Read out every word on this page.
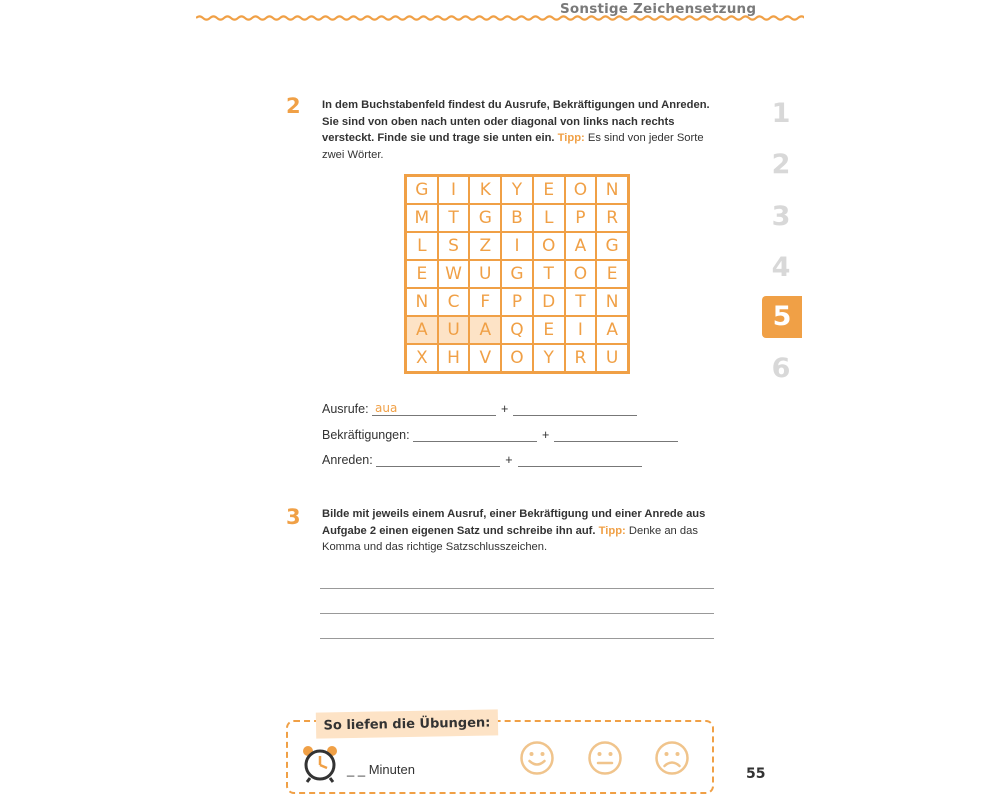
Sonstige Zeichensetzung
2 In dem Buchstabenfeld findest du Ausrufe, Bekräftigungen und Anreden. Sie sind von oben nach unten oder diagonal von links nach rechts versteckt. Finde sie und trage sie unten ein. Tipp: Es sind von jeder Sorte zwei Wörter.
G	I	K	Y	E	O	N
M	T	G	B	L	P	R
L	S	Z	I	O	A	G
E	W	U	G	T	O	E
N	C	F	P	D	T	N
A	U	A	Q	E	I	A
X	H	V	O	Y	R	U
Ausrufe: aua	+
Bekräftigungen:	+
Anreden:	+
3 Bilde mit jeweils einem Ausruf, einer Bekräftigung und einer Anrede aus Aufgabe 2 einen eigenen Satz und schreibe ihn auf. Tipp: Denke an das Komma und das richtige Satzschlusszeichen.
1
2
3
4
5
6
So liefen die Übungen:
_ _ Minuten	55
